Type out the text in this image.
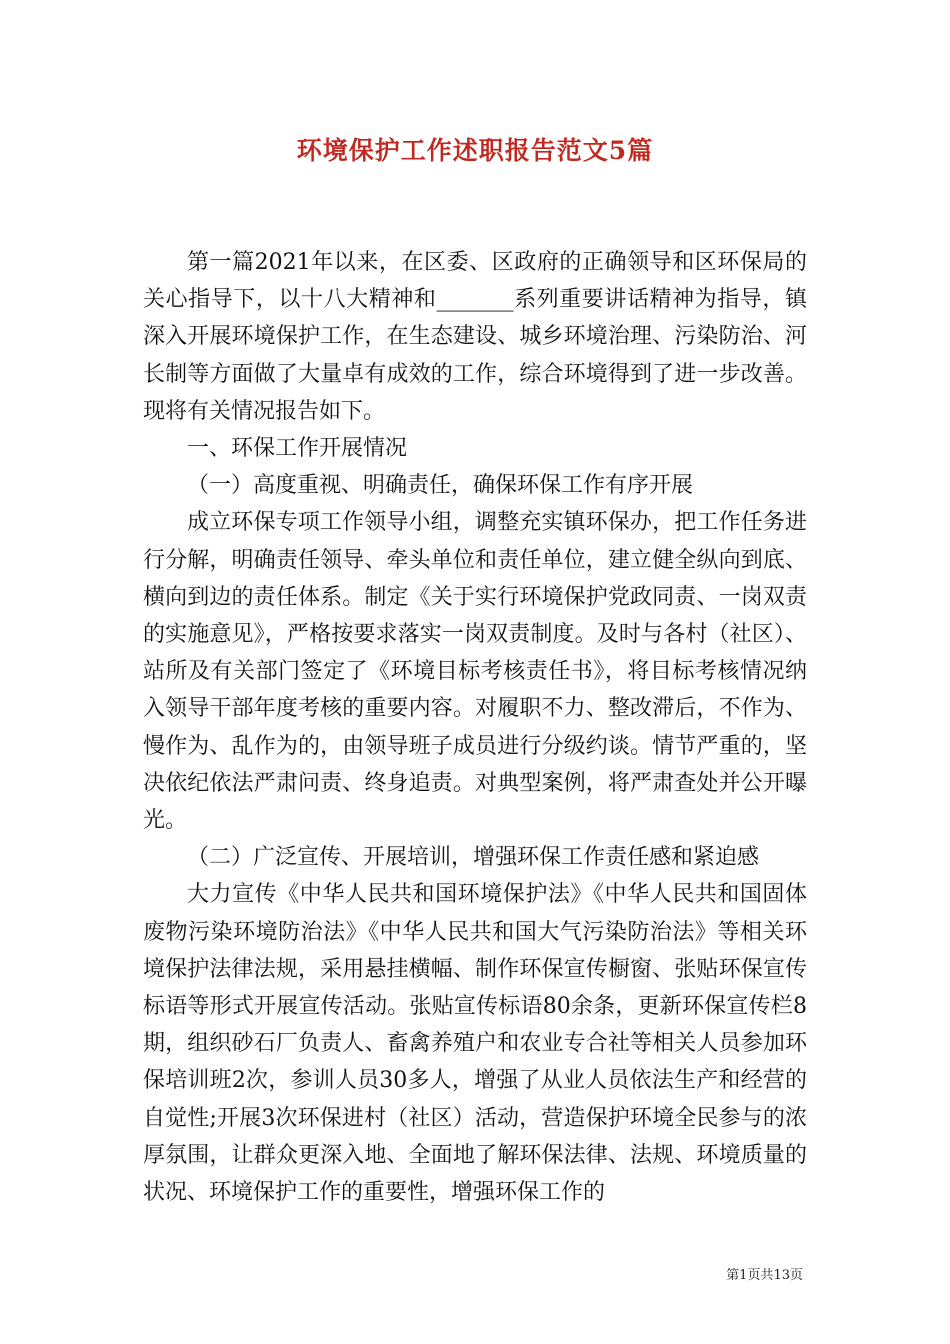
环境保护工作述职报告范文5篇

第一篇2021年以来，在区委、区政府的正确领导和区环保局的关心指导下，以十八大精神和_______系列重要讲话精神为指导，镇深入开展环境保护工作，在生态建设、城乡环境治理、污染防治、河长制等方面做了大量卓有成效的工作，综合环境得到了进一步改善。现将有关情况报告如下。

一、环保工作开展情况

（一）高度重视、明确责任，确保环保工作有序开展

成立环保专项工作领导小组，调整充实镇环保办，把工作任务进行分解，明确责任领导、牵头单位和责任单位，建立健全纵向到底、横向到边的责任体系。制定《关于实行环境保护党政同责、一岗双责的实施意见》，严格按要求落实一岗双责制度。及时与各村（社区）、站所及有关部门签定了《环境目标考核责任书》，将目标考核情况纳入领导干部年度考核的重要内容。对履职不力、整改滞后，不作为、慢作为、乱作为的，由领导班子成员进行分级约谈。情节严重的，坚决依纪依法严肃问责、终身追责。对典型案例，将严肃查处并公开曝光。

（二）广泛宣传、开展培训，增强环保工作责任感和紧迫感

大力宣传《中华人民共和国环境保护法》《中华人民共和国固体废物污染环境防治法》《中华人民共和国大气污染防治法》等相关环境保护法律法规，采用悬挂横幅、制作环保宣传橱窗、张贴环保宣传标语等形式开展宣传活动。张贴宣传标语80余条，更新环保宣传栏8期，组织砂石厂负责人、畜禽养殖户和农业专合社等相关人员参加环保培训班2次，参训人员30多人，增强了从业人员依法生产和经营的自觉性;开展3次环保进村（社区）活动，营造保护环境全民参与的浓厚氛围，让群众更深入地、全面地了解环保法律、法规、环境质量的状况、环境保护工作的重要性，增强环保工作的

第1页共13页
